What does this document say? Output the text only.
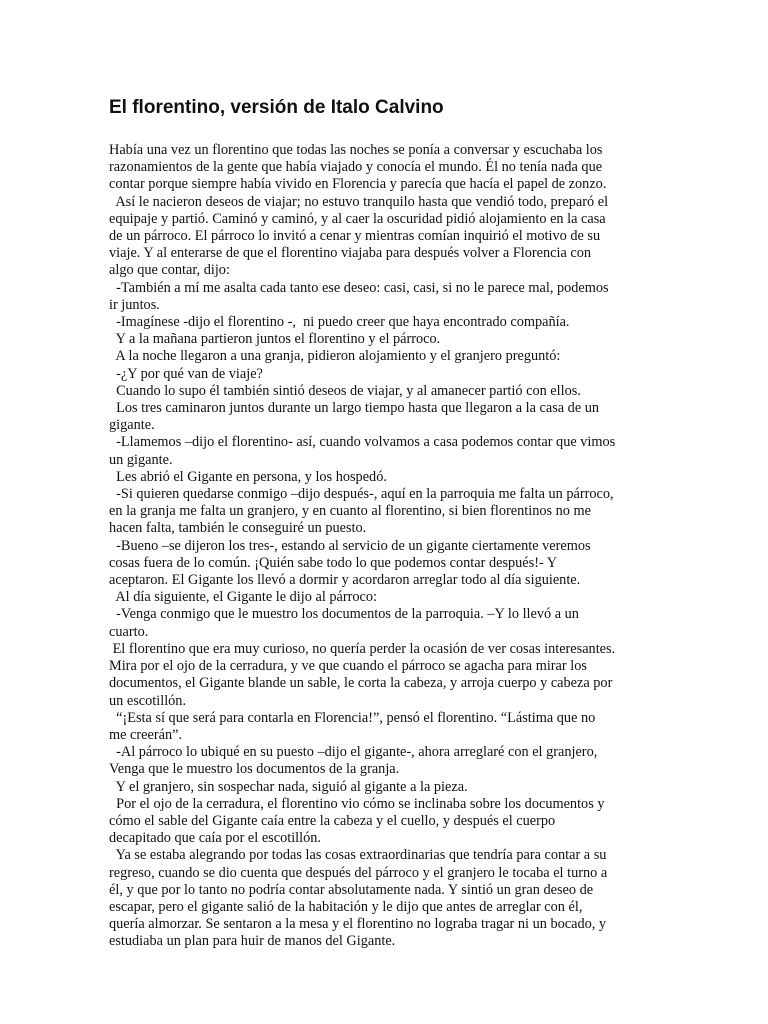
El florentino, versión de Italo Calvino
Había una vez un florentino que todas las noches se ponía a conversar y escuchaba los
razonamientos de la gente que había viajado y conocía el mundo. Él no tenía nada que
contar porque siempre había vivido en Florencia y parecía que hacía el papel de zonzo.
Así le nacieron deseos de viajar; no estuvo tranquilo hasta que vendió todo, preparó el
equipaje y partió. Caminó y caminó, y al caer la oscuridad pidió alojamiento en la casa
de un párroco. El párroco lo invitó a cenar y mientras comían inquirió el motivo de su
viaje. Y al enterarse de que el florentino viajaba para después volver a Florencia con
algo que contar, dijo:
-También a mí me asalta cada tanto ese deseo: casi, casi, si no le parece mal, podemos
ir juntos.
-Imagínese -dijo el florentino -,  ni puedo creer que haya encontrado compañía.
Y a la mañana partieron juntos el florentino y el párroco.
A la noche llegaron a una granja, pidieron alojamiento y el granjero preguntó:
-¿Y por qué van de viaje?
Cuando lo supo él también sintió deseos de viajar, y al amanecer partió con ellos.
Los tres caminaron juntos durante un largo tiempo hasta que llegaron a la casa de un
gigante.
-Llamemos –dijo el florentino- así, cuando volvamos a casa podemos contar que vimos
un gigante.
Les abrió el Gigante en persona, y los hospedó.
-Si quieren quedarse conmigo –dijo después-, aquí en la parroquia me falta un párroco,
en la granja me falta un granjero, y en cuanto al florentino, si bien florentinos no me
hacen falta, también le conseguiré un puesto.
-Bueno –se dijeron los tres-, estando al servicio de un gigante ciertamente veremos
cosas fuera de lo común. ¡Quién sabe todo lo que podemos contar después!- Y
aceptaron. El Gigante los llevó a dormir y acordaron arreglar todo al día siguiente.
Al día siguiente, el Gigante le dijo al párroco:
-Venga conmigo que le muestro los documentos de la parroquia. –Y lo llevó a un
cuarto.
El florentino que era muy curioso, no quería perder la ocasión de ver cosas interesantes.
Mira por el ojo de la cerradura, y ve que cuando el párroco se agacha para mirar los
documentos, el Gigante blande un sable, le corta la cabeza, y arroja cuerpo y cabeza por
un escotillón.
“¡Esta sí que será para contarla en Florencia!”, pensó el florentino. “Lástima que no
me creerán”.
-Al párroco lo ubiqué en su puesto –dijo el gigante-, ahora arreglaré con el granjero,
Venga que le muestro los documentos de la granja.
Y el granjero, sin sospechar nada, siguió al gigante a la pieza.
Por el ojo de la cerradura, el florentino vio cómo se inclinaba sobre los documentos y
cómo el sable del Gigante caía entre la cabeza y el cuello, y después el cuerpo
decapitado que caía por el escotillón.
Ya se estaba alegrando por todas las cosas extraordinarias que tendría para contar a su
regreso, cuando se dio cuenta que después del párroco y el granjero le tocaba el turno a
él, y que por lo tanto no podría contar absolutamente nada. Y sintió un gran deseo de
escapar, pero el gigante salió de la habitación y le dijo que antes de arreglar con él,
quería almorzar. Se sentaron a la mesa y el florentino no lograba tragar ni un bocado, y
estudiaba un plan para huir de manos del Gigante.
